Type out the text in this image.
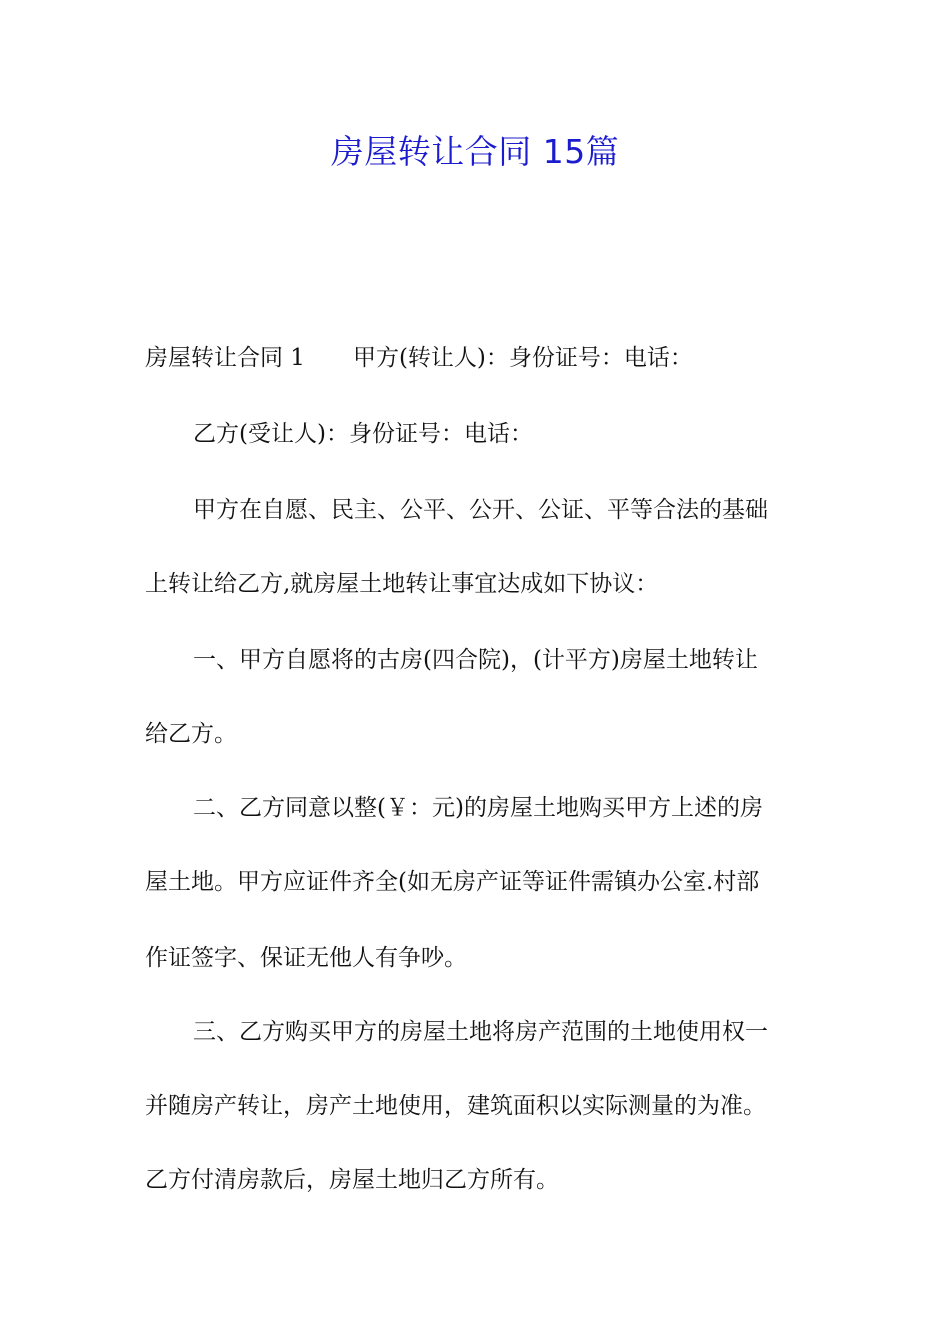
房屋转让合同 15篇
房屋转让合同 1 甲方(转让人)：身份证号：电话：
乙方(受让人)：身份证号：电话：
甲方在自愿、民主、公平、公开、公证、平等合法的基础
上转让给乙方,就房屋土地转让事宜达成如下协议：
一、甲方自愿将的古房(四合院)，(计平方)房屋土地转让
给乙方。
二、乙方同意以整(￥：元)的房屋土地购买甲方上述的房
屋土地。甲方应证件齐全(如无房产证等证件需镇办公室.村部
作证签字、保证无他人有争吵。
三、乙方购买甲方的房屋土地将房产范围的土地使用权一
并随房产转让，房产土地使用，建筑面积以实际测量的为准。
乙方付清房款后，房屋土地归乙方所有。
